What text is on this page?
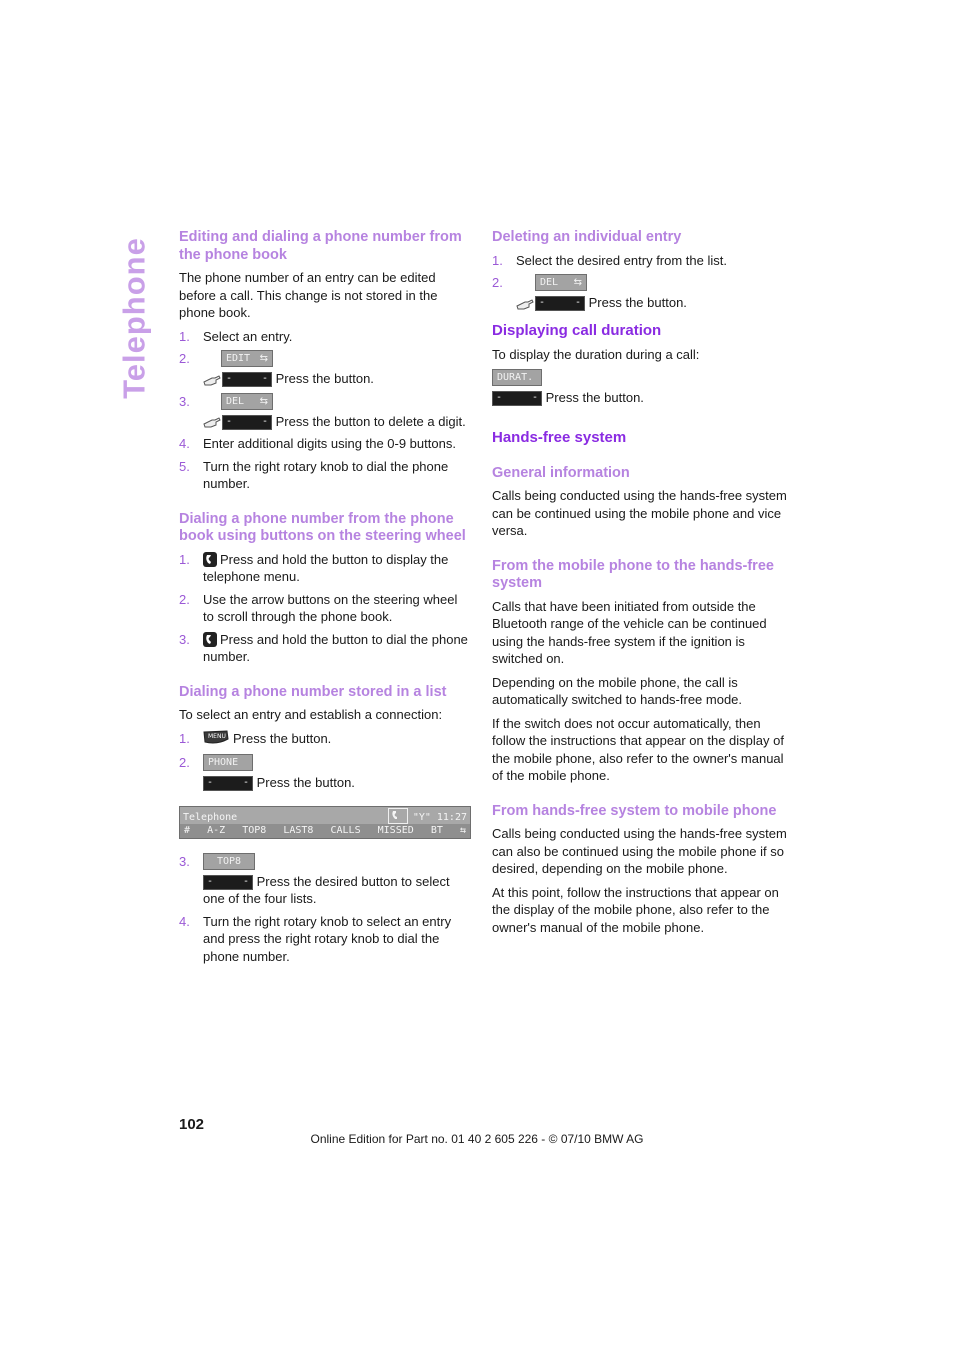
Telephone Editing and dialing a phone number from the phone book

The phone number of an entry can be edited before a call. This change is not stored in the phone book.

1. Select an entry.
2.	EDIT ⇆
- - Press the button.
3.	DEL ⇆
- - Press the button to delete a digit.
4. Enter additional digits using the 0-9 buttons.
5. Turn the right rotary knob to dial the phone number.
Dialing a phone number from the phone book using buttons on the steering wheel
1. Press and hold the button to display the telephone menu.
2. Use the arrow buttons on the steering wheel to scroll through the phone book.
3. Press and hold the button to dial the phone number.
Dialing a phone number stored in a list

To select an entry and establish a connection:

1.	MENU Press the button.
2.	PHONE
- - Press the button.
Telephone	"Y" 11:27
# A-Z TOP8 LAST8 CALLS MISSED BT ⇆
3.	TOP8
- - Press the desired button to select one of the four lists.
4. Turn the right rotary knob to select an entry and press the right rotary knob to dial the phone number.
Deleting an individual entry
1. Select the desired entry from the list.
2.	DEL ⇆
- - Press the button.
Displaying call duration

To display the duration during a call:

DURAT.
- - Press the button.
Hands-free system
General information

Calls being conducted using the hands-free system can be continued using the mobile phone and vice versa.

From the mobile phone to the hands-free system

Calls that have been initiated from outside the Bluetooth range of the vehicle can be continued using the hands-free system if the ignition is switched on.

Depending on the mobile phone, the call is automatically switched to hands-free mode.

If the switch does not occur automatically, then follow the instructions that appear on the display of the mobile phone, also refer to the owner's manual of the mobile phone.

From hands-free system to mobile phone

Calls being conducted using the hands-free system can also be continued using the mobile phone if so desired, depending on the mobile phone.

At this point, follow the instructions that appear on the display of the mobile phone, also refer to the owner's manual of the mobile phone.

102
Online Edition for Part no. 01 40 2 605 226 - © 07/10 BMW AG
